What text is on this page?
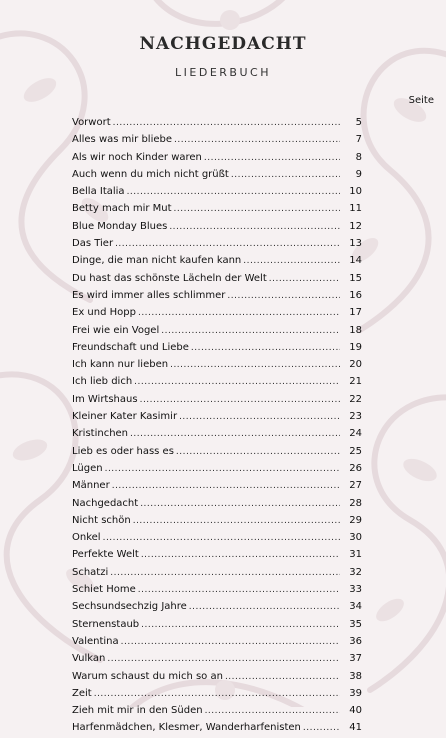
NACHGEDACHT
LIEDERBUCH
Seite
Vorwort .....	5
Alles was mir bliebe .....	7
Als wir noch Kinder waren .....	8
Auch wenn du mich nicht grüßt .....	9
Bella Italia .....	10
Betty mach mir Mut .....	11
Blue Monday Blues .....	12
Das Tier .....	13
Dinge, die man nicht kaufen kann .....	14
Du hast das schönste Lächeln der Welt .....	15
Es wird immer alles schlimmer .....	16
Ex und Hopp .....	17
Frei wie ein Vogel .....	18
Freundschaft und Liebe .....	19
Ich kann nur lieben .....	20
Ich lieb dich .....	21
Im Wirtshaus .....	22
Kleiner Kater Kasimir .....	23
Kristinchen .....	24
Lieb es oder hass es .....	25
Lügen .....	26
Männer .....	27
Nachgedacht .....	28
Nicht schön .....	29
Onkel .....	30
Perfekte Welt .....	31
Schatzi .....	32
Schiet Home .....	33
Sechsundsechzig Jahre .....	34
Sternenstaub .....	35
Valentina .....	36
Vulkan .....	37
Warum schaust du mich so an .....	38
Zeit .....	39
Zieh mit mir in den Süden .....	40
Harfenmädchen, Klesmer, Wanderharfenisten .....	41
